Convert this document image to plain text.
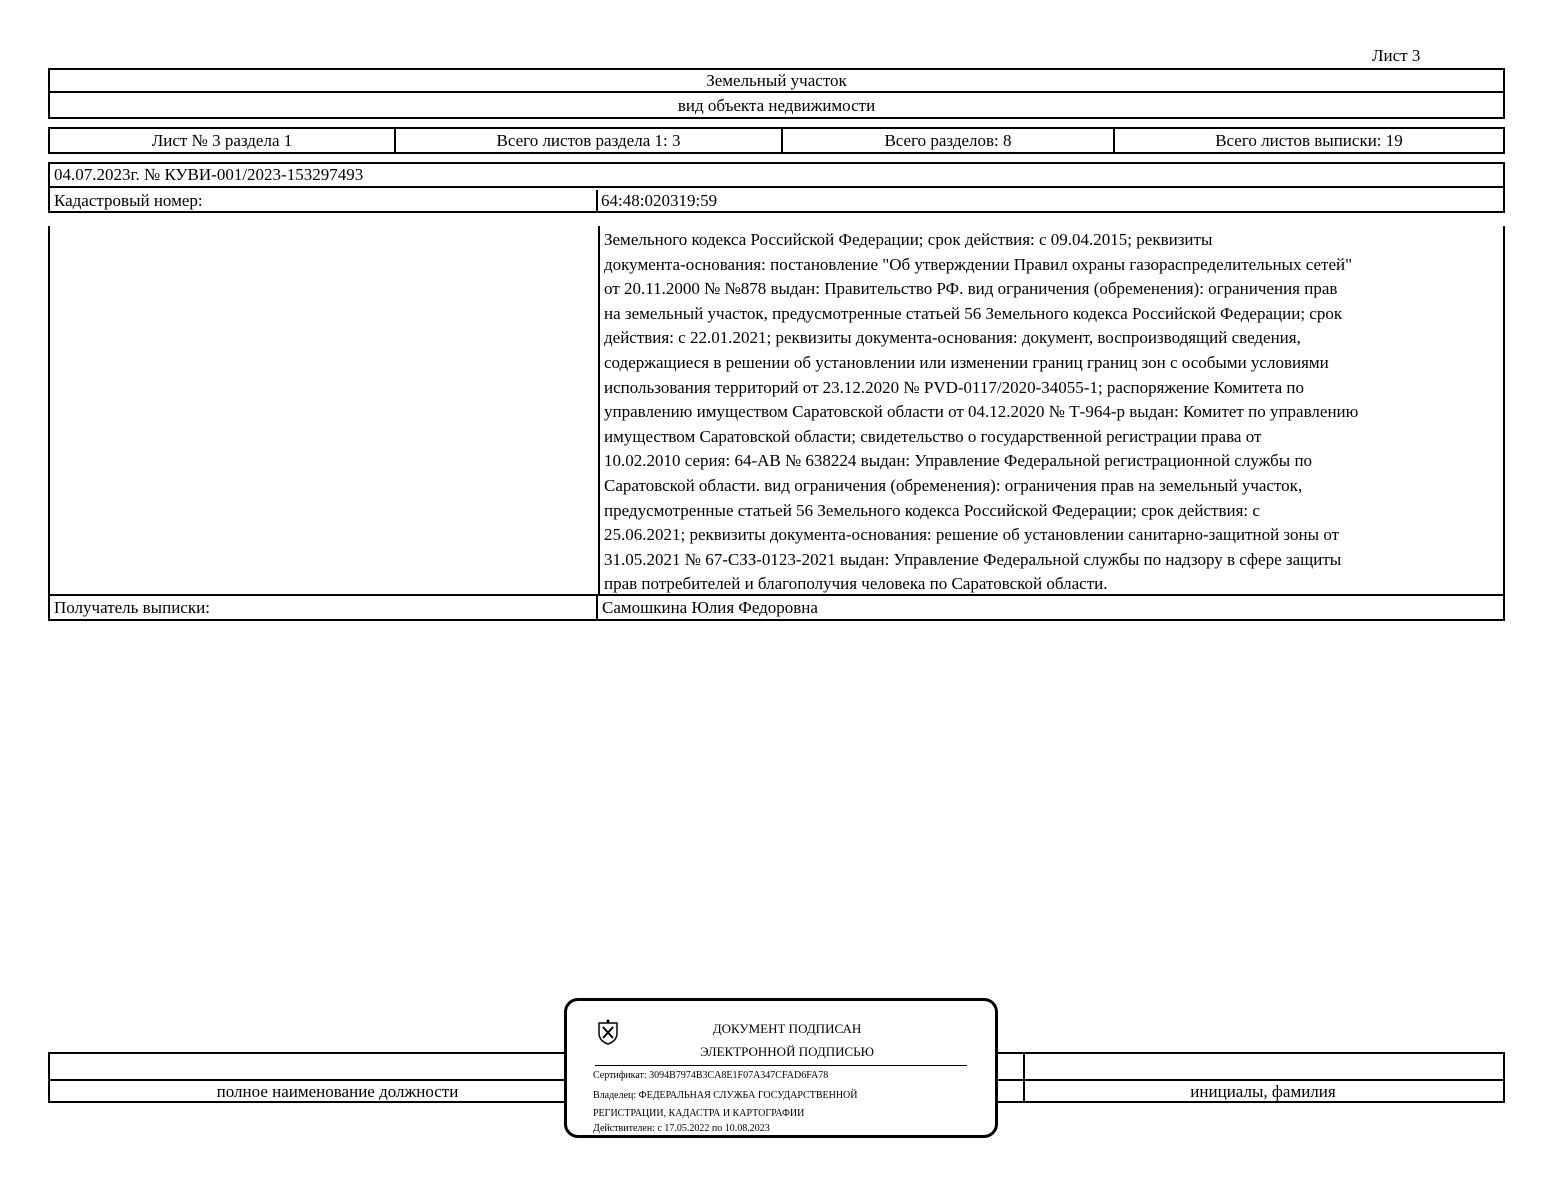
Лист 3
Земельный участок
вид объекта недвижимости
Лист № 3 раздела 1	Всего листов раздела 1: 3	Всего разделов: 8	Всего листов выписки: 19
04.07.2023г. № КУВИ-001/2023-153297493
Кадастровый номер:	64:48:020319:59
Земельного кодекса Российской Федерации; срок действия: с 09.04.2015; реквизиты
документа-основания: постановление "Об утверждении Правил охраны газораспределительных сетей"
от 20.11.2000 № №878 выдан: Правительство РФ. вид ограничения (обременения): ограничения прав
на земельный участок, предусмотренные статьей 56 Земельного кодекса Российской Федерации; срок
действия: с 22.01.2021; реквизиты документа-основания: документ, воспроизводящий сведения,
содержащиеся в решении об установлении или изменении границ границ зон с особыми условиями
использования территорий от 23.12.2020 № PVD-0117/2020-34055-1; распоряжение Комитета по
управлению имуществом Саратовской области от 04.12.2020 № Т-964-р выдан: Комитет по управлению
имуществом Саратовской области; свидетельство о государственной регистрации права от
10.02.2010 серия: 64-АВ № 638224 выдан: Управление Федеральной регистрационной службы по
Саратовской области. вид ограничения (обременения): ограничения прав на земельный участок,
предусмотренные статьей 56 Земельного кодекса Российской Федерации; срок действия: с
25.06.2021; реквизиты документа-основания: решение об установлении санитарно-защитной зоны от
31.05.2021 № 67-СЗЗ-0123-2021 выдан: Управление Федеральной службы по надзору в сфере защиты
прав потребителей и благополучия человека по Саратовской области.
Получатель выписки:	Самошкина Юлия Федоровна
полное наименование должности	инициалы, фамилия
ДОКУМЕНТ ПОДПИСАН
ЭЛЕКТРОННОЙ ПОДПИСЬЮ
Сертификат: 3094B7974B3CA8E1F07A347CFAD6FA78
Владелец: ФЕДЕРАЛЬНАЯ СЛУЖБА ГОСУДАРСТВЕННОЙ
РЕГИСТРАЦИИ, КАДАСТРА И КАРТОГРАФИИ
Действителен: с 17.05.2022 по 10.08.2023
